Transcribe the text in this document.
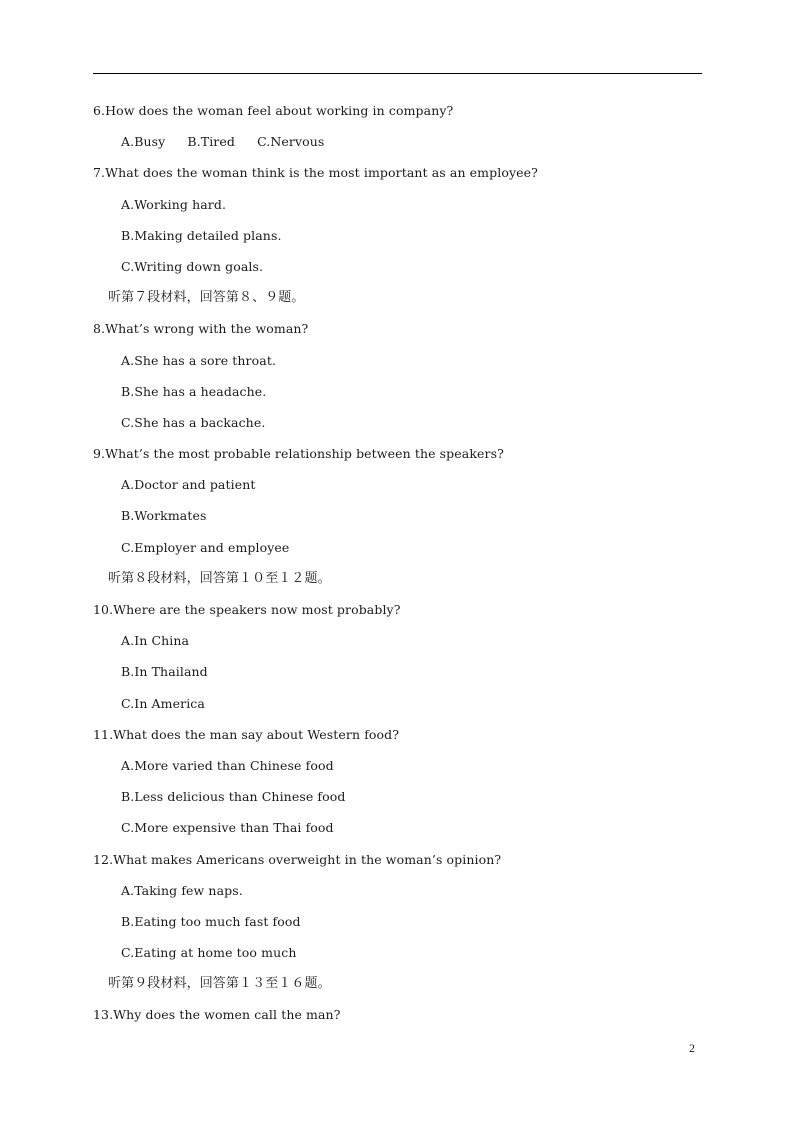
6.How does the woman feel about working in company?
A.Busy B.Tired C.Nervous
7.What does the woman think is the most important as an employee?
A.Working hard.
B.Making detailed plans.
C.Writing down goals.
听第７段材料，回答第８、９题。
8.What’s wrong with the woman?
A.She has a sore throat.
B.She has a headache.
C.She has a backache.
9.What’s the most probable relationship between the speakers?
A.Doctor and patient
B.Workmates
C.Employer and employee
听第８段材料，回答第１０至１２题。
10.Where are the speakers now most probably?
A.In China
B.In Thailand
C.In America
11.What does the man say about Western food?
A.More varied than Chinese food
B.Less delicious than Chinese food
C.More expensive than Thai food
12.What makes Americans overweight in the woman’s opinion?
A.Taking few naps.
B.Eating too much fast food
C.Eating at home too much
听第９段材料，回答第１３至１６题。
13.Why does the women call the man?
2
